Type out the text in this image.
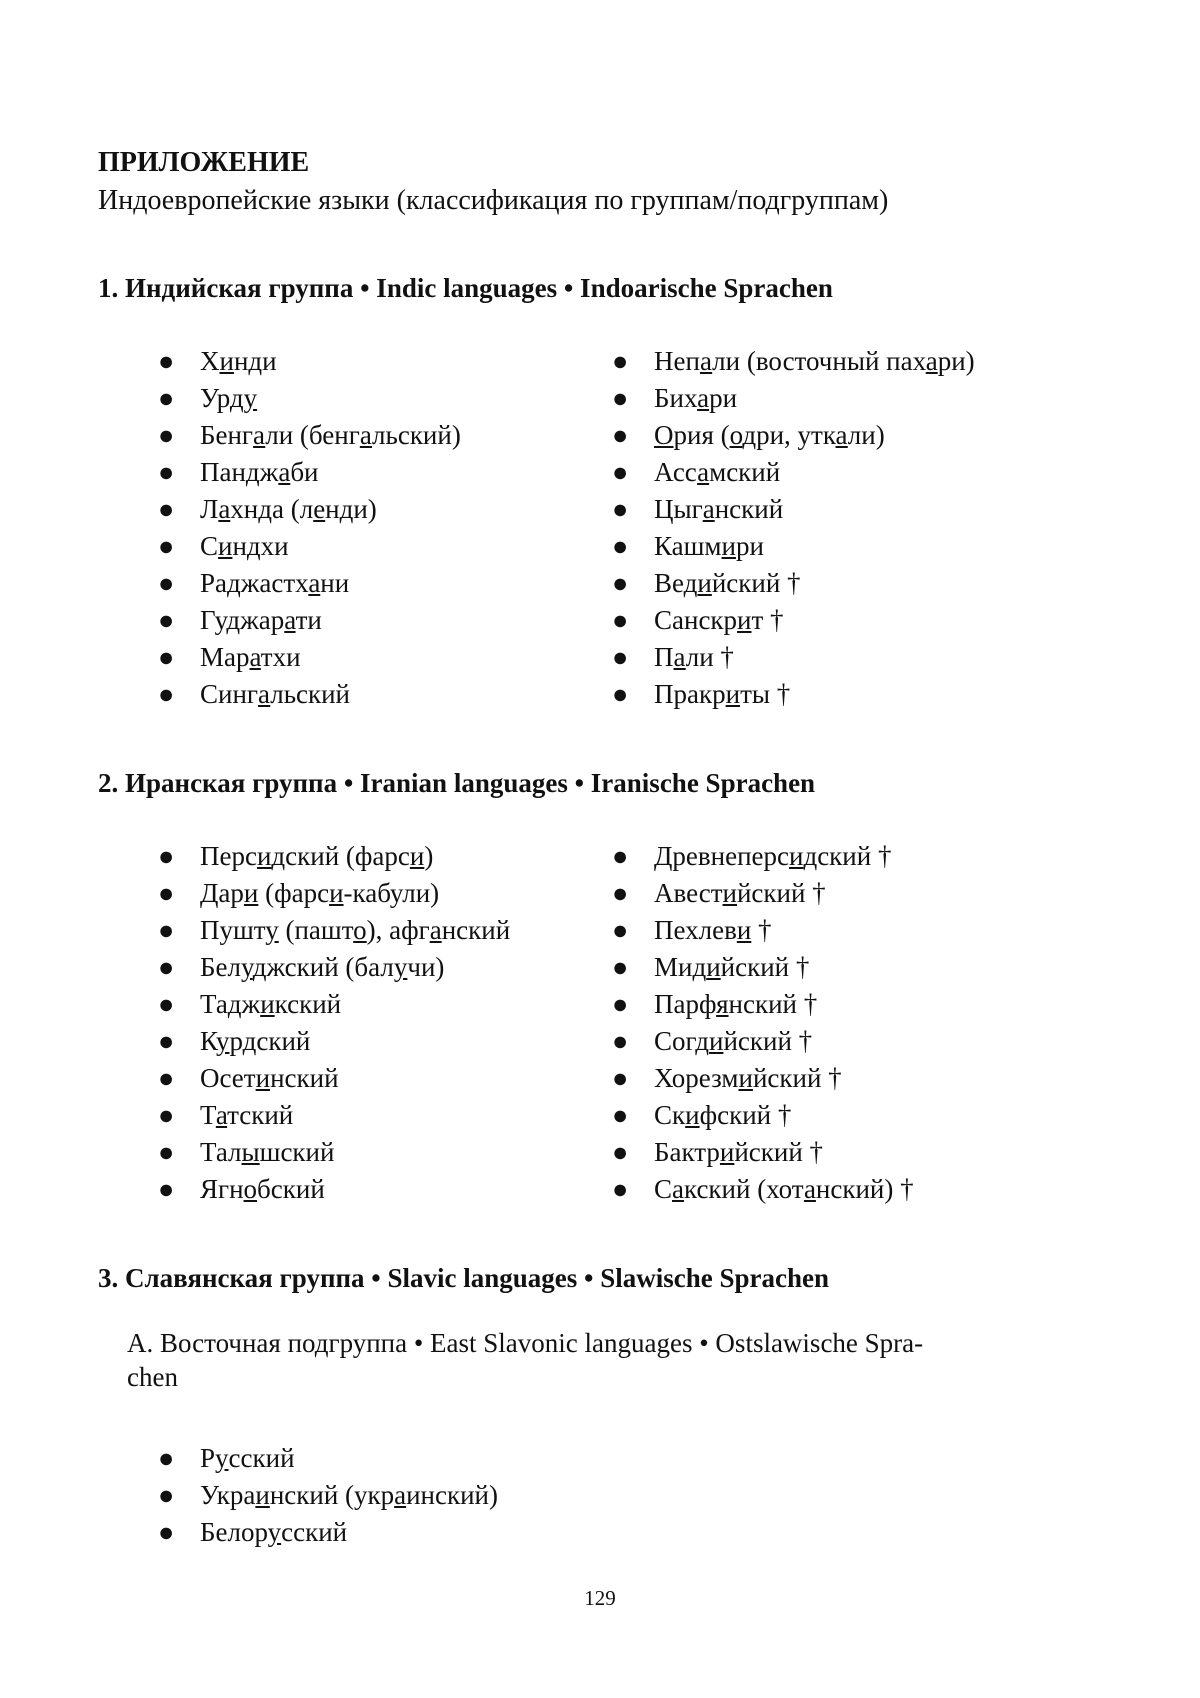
ПРИЛОЖЕНИЕ

Индоевропейские языки (классификация по группам/подгруппам)

1. Индийская группа • Indic languages • Indoarische Sprachen
● Хинди
● Урду
● Бенгали (бенгальский)
● Панджаби
● Лахнда (ленди)
● Синдхи
● Раджастхани
● Гуджарати
● Маратхи
● Сингальский
● Непали (восточный пахари)
● Бихари
● Ория (одри, уткали)
● Ассамский
● Цыганский
● Кашмири
● Ведийский †
● Санскрит †
● Пали †
● Пракриты †
2. Иранская группа • Iranian languages • Iranische Sprachen
● Персидский (фарси)
● Дари (фарси-кабули)
● Пушту (пашто), афганский
● Белуджский (балучи)
● Таджикский
● Курдский
● Осетинский
● Татский
● Талышский
● Ягнобский
● Древнеперсидский †
● Авестийский †
● Пехлеви †
● Мидийский †
● Парфянский †
● Согдийский †
● Хорезмийский †
● Скифский †
● Бактрийский †
● Сакский (хотанский) †
3. Славянская группа • Slavic languages • Slawische Sprachen

А. Восточная подгруппа • East Slavonic languages • Ostslawische Spra-
chen

● Русский
● Украинский (украинский)
● Белорусский

129
